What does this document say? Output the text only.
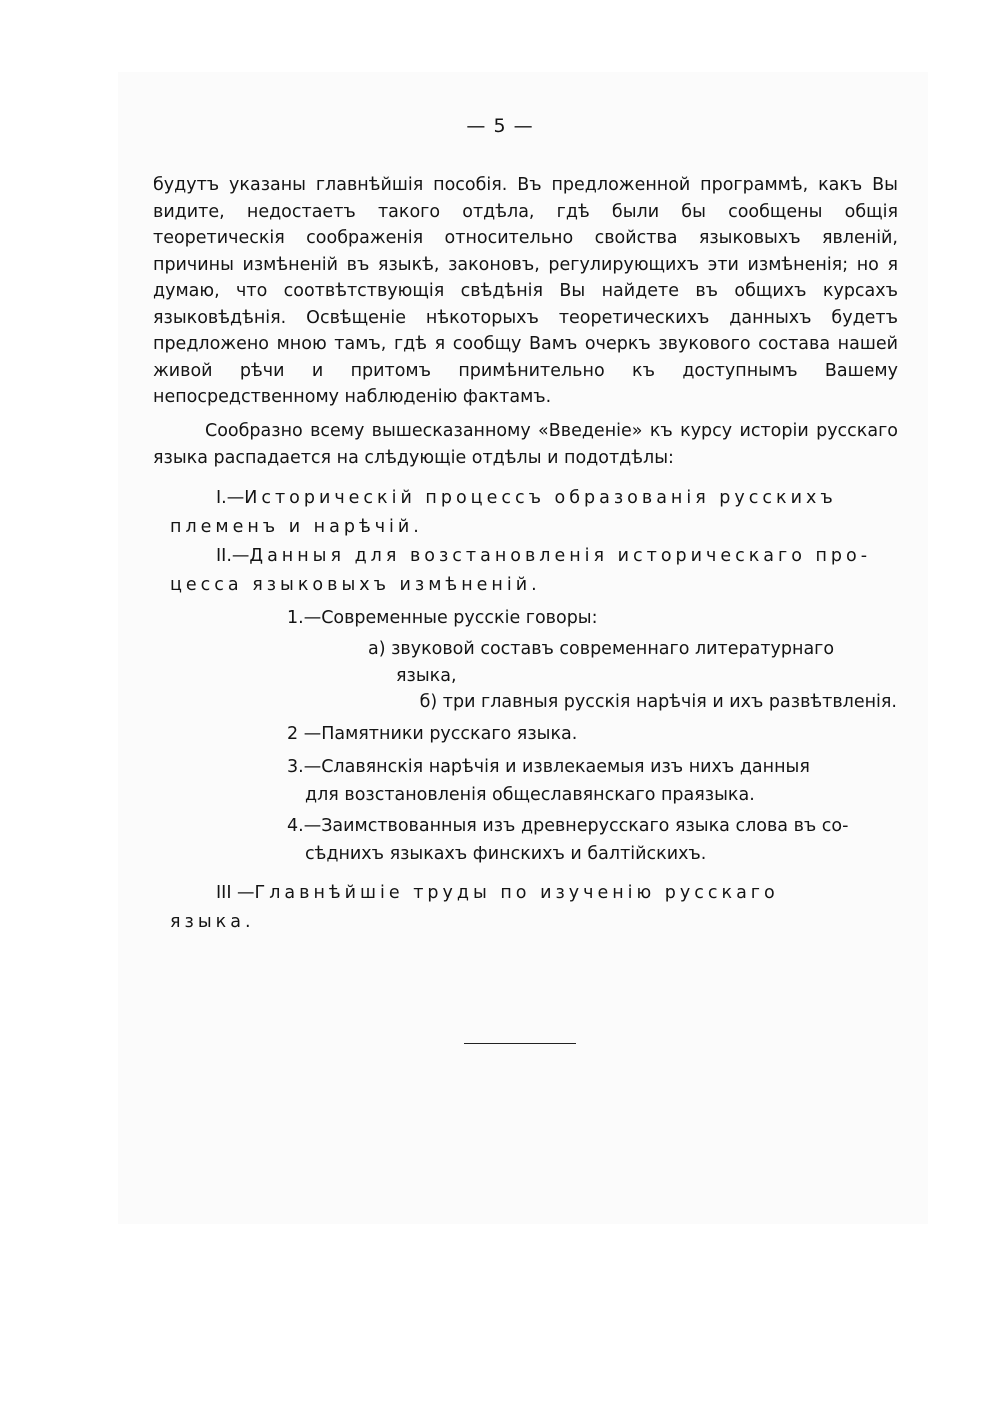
— 5 —
будутъ указаны главнѣйшія пособія. Въ предложенной программѣ, какъ Вы видите, недостаетъ такого отдѣла, гдѣ были бы сообщены общія теоретическія соображенія относительно свойства языковыхъ явленій, причины измѣненій въ языкѣ, законовъ, регулирующихъ эти измѣненія; но я думаю, что соотвѣтствующія свѣдѣнія Вы найдете въ общихъ курсахъ языковѣдѣнія. Освѣщеніе нѣкоторыхъ теоретическихъ данныхъ будетъ предложено мною тамъ, гдѣ я сообщу Вамъ очеркъ звукового состава нашей живой рѣчи и притомъ примѣнительно къ доступнымъ Вашему непосредственному наблюденію фактамъ.
Сообразно всему вышесказанному «Введеніе» къ курсу исторіи русскаго языка распадается на слѣдующіе отдѣлы и подотдѣлы:
I.—Историческій процессъ образованія русскихъ
племенъ и нарѣчій.
II.—Данныя для возстановленія историческаго про-
цесса языковыхъ измѣненій.
1.—Современные русскіе говоры:
а) звуковой составъ современнаго литературнаго
языка,
б) три главныя русскія нарѣчія и ихъ развѣтвленія.
2 —Памятники русскаго языка.
3.—Славянскія нарѣчія и извлекаемыя изъ нихъ данныя
для возстановленія общеславянскаго праязыка.
4.—Заимствованныя изъ древнерусскаго языка слова въ со-
сѣднихъ языкахъ финскихъ и балтійскихъ.
III —Главнѣйшіе труды по изученію русскаго
языка.
